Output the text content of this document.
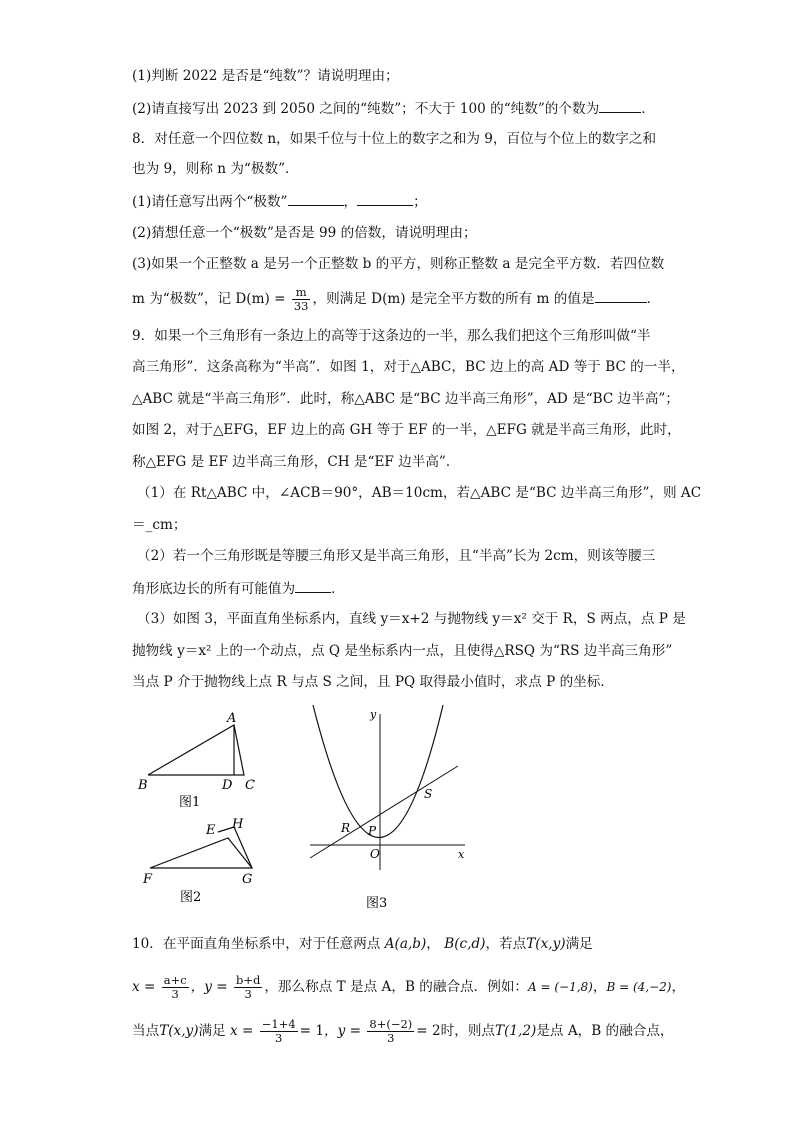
(1)判断 2022 是否是“纯数”？请说明理由；
(2)请直接写出 2023 到 2050 之间的“纯数”；不大于 100 的“纯数”的个数为	．
8．对任意一个四位数 n，如果千位与十位上的数字之和为 9，百位与个位上的数字之和
也为 9，则称 n 为“极数”．
(1)请任意写出两个“极数”	，	；
(2)猜想任意一个“极数”是否是 99 的倍数，请说明理由；
(3)如果一个正整数 a 是另一个正整数 b 的平方，则称正整数 a 是完全平方数．若四位数
m 为“极数”，记 $D(m) = \frac{m}{33}$ ，则满足 D(m) 是完全平方数的所有 m 的值是	．
9．如果一个三角形有一条边上的高等于这条边的一半，那么我们把这个三角形叫做“半
高三角形”．这条高称为“半高”．如图 1，对于△ABC，BC 边上的高 AD 等于 BC 的一半，
△ABC 就是“半高三角形”．此时，称△ABC 是“BC 边半高三角形”，AD 是“BC 边半高”；
如图 2，对于△EFG，EF 边上的高 GH 等于 EF 的一半，△EFG 就是半高三角形，此时，
称△EFG 是 EF 边半高三角形，CH 是“EF 边半高”．
（1）在 Rt△ABC 中，∠ACB＝90°，AB＝10cm，若△ABC 是“BC 边半高三角形”，则 AC
＝_cm；
（2）若一个三角形既是等腰三角形又是半高三角形，且“半高”长为 2cm，则该等腰三
角形底边长的所有可能值为	．
（3）如图 3，平面直角坐标系内，直线 y＝x+2 与抛物线 y＝x² 交于 R，S 两点，点 P 是
抛物线 y＝x² 上的一个动点，点 Q 是坐标系内一点，且使得△RSQ 为“RS 边半高三角形”
当点 P 介于抛物线上点 R 与点 S 之间，且 PQ 取得最小值时，求点 P 的坐标．
A
B	D C
图1
E H
F	G
图2
y
x
O
R P
S
图3
10．在平面直角坐标系中，对于任意两点 A(a,b)， B(c,d)，若点T(x,y)满足
$x = \frac{a+c}{3}$ ，$y = \frac{b+d}{3}$ ，那么称点 T 是点 A，B 的融合点．例如：A = (−1,8)，B = (4,−2)，
当点T(x,y)满足 $x = \frac{-1+4}{3} = 1$，$y = \frac{8+(-2)}{3} = 2$时，则点T(1,2)是点 A，B 的融合点，
